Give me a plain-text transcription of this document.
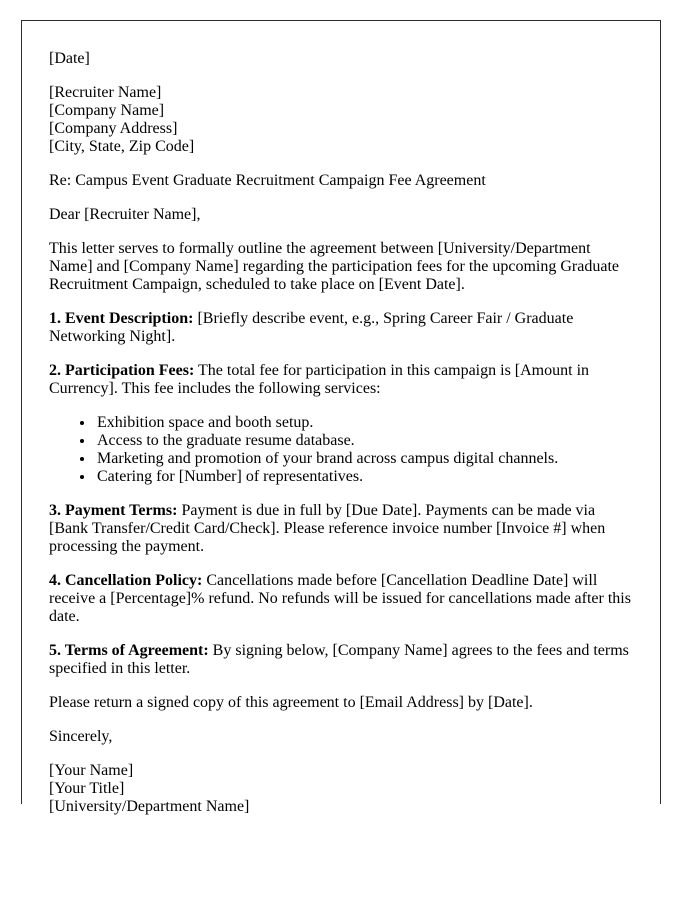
[Date]

[Recruiter Name]
[Company Name]
[Company Address]
[City, State, Zip Code]

Re: Campus Event Graduate Recruitment Campaign Fee Agreement

Dear [Recruiter Name],

This letter serves to formally outline the agreement between [University/Department Name] and [Company Name] regarding the participation fees for the upcoming Graduate Recruitment Campaign, scheduled to take place on [Event Date].

1. Event Description: [Briefly describe event, e.g., Spring Career Fair / Graduate Networking Night].

2. Participation Fees: The total fee for participation in this campaign is [Amount in Currency]. This fee includes the following services:

• Exhibition space and booth setup.
• Access to the graduate resume database.
• Marketing and promotion of your brand across campus digital channels.
• Catering for [Number] of representatives.

3. Payment Terms: Payment is due in full by [Due Date]. Payments can be made via [Bank Transfer/Credit Card/Check]. Please reference invoice number [Invoice #] when processing the payment.

4. Cancellation Policy: Cancellations made before [Cancellation Deadline Date] will receive a [Percentage]% refund. No refunds will be issued for cancellations made after this date.

5. Terms of Agreement: By signing below, [Company Name] agrees to the fees and terms specified in this letter.

Please return a signed copy of this agreement to [Email Address] by [Date].

Sincerely,

[Your Name]
[Your Title]
[University/Department Name]
